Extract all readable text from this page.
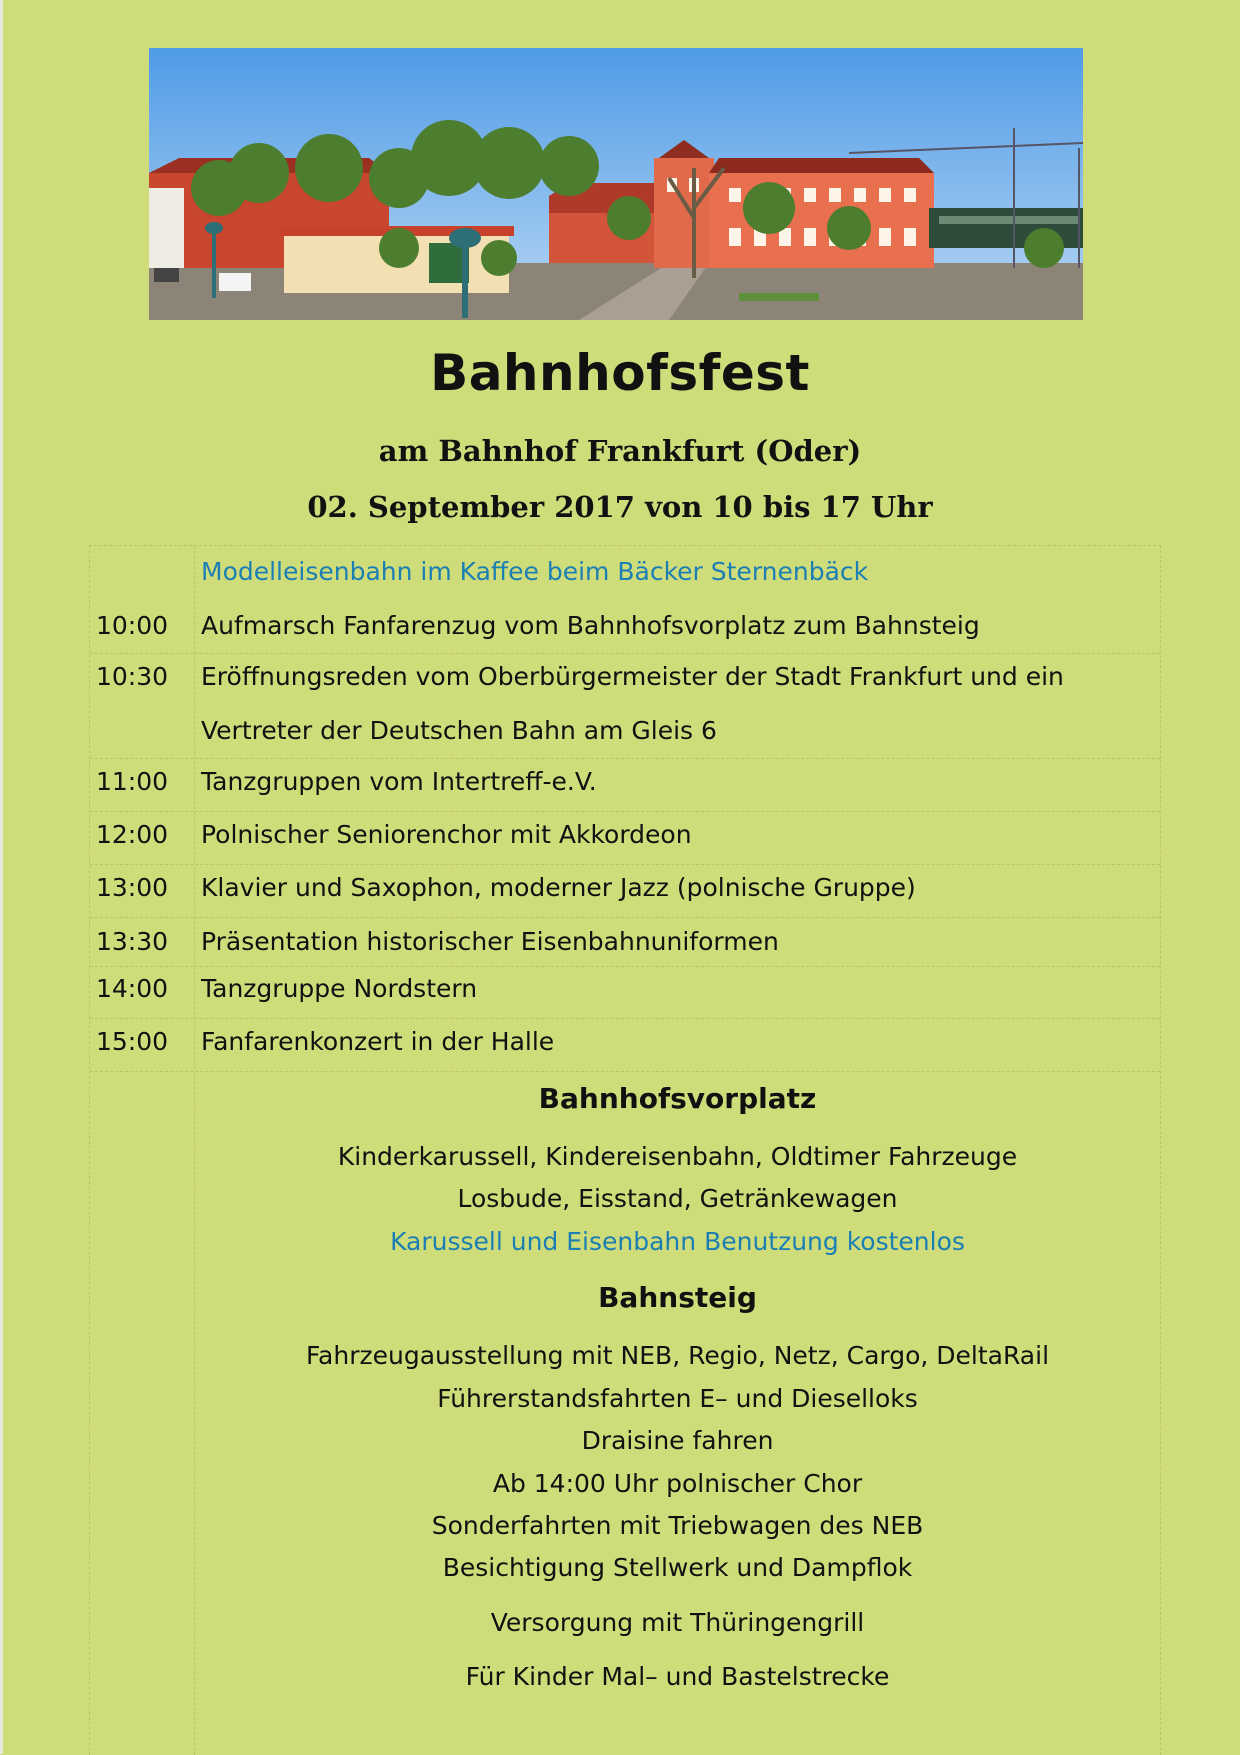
Bahnhofsfest
am Bahnhof Frankfurt (Oder)
02. September 2017 von 10 bis 17 Uhr
Modelleisenbahn im Kaffee beim Bäcker Sternenbäck
10:00 Aufmarsch Fanfarenzug vom Bahnhofsvorplatz zum Bahnsteig
10:30 Eröffnungsreden vom Oberbürgermeister der Stadt Frankfurt und ein
Vertreter der Deutschen Bahn am Gleis 6
11:00 Tanzgruppen vom Intertreff-e.V.
12:00 Polnischer Seniorenchor mit Akkordeon
13:00 Klavier und Saxophon, moderner Jazz (polnische Gruppe)
13:30 Präsentation historischer Eisenbahnuniformen
14:00 Tanzgruppe Nordstern
15:00 Fanfarenkonzert in der Halle
Bahnhofsvorplatz
Kinderkarussell, Kindereisenbahn, Oldtimer Fahrzeuge
Losbude, Eisstand, Getränkewagen
Karussell und Eisenbahn Benutzung kostenlos
Bahnsteig
Fahrzeugausstellung mit NEB, Regio, Netz, Cargo, DeltaRail
Führerstandsfahrten E– und Dieselloks
Draisine fahren
Ab 14:00 Uhr polnischer Chor
Sonderfahrten mit Triebwagen des NEB
Besichtigung Stellwerk und Dampflok
Versorgung mit Thüringengrill
Für Kinder Mal– und Bastelstrecke
